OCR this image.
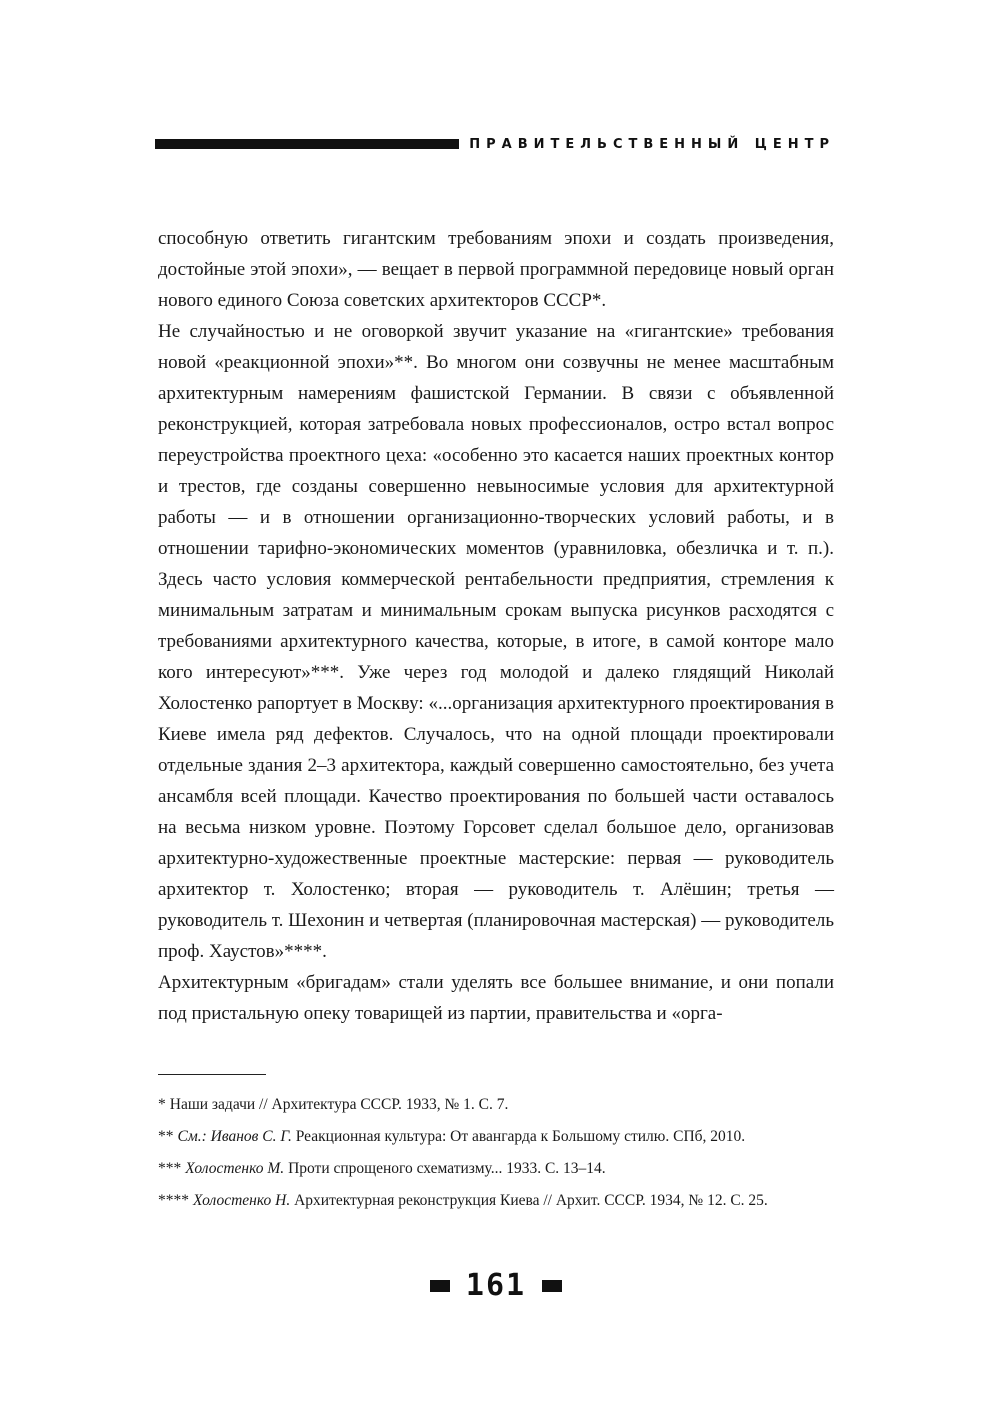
ПРАВИТЕЛЬСТВЕННЫЙ ЦЕНТР

способную ответить гигантским требованиям эпохи и создать произведения, достойные этой эпохи», — вещает в первой программной передовице новый орган нового единого Союза советских архитекторов СССР*.

Не случайностью и не оговоркой звучит указание на «гигантские» требования новой «реакционной эпохи»**. Во многом они созвучны не менее масштабным архитектурным намерениям фашистской Германии. В связи с объявленной реконструкцией, которая затребовала новых профессионалов, остро встал вопрос переустройства проектного цеха: «особенно это касается наших проектных контор и трестов, где созданы совершенно невыносимые условия для архитектурной работы — и в отношении организационно-творческих условий работы, и в отношении тарифно-экономических моментов (уравниловка, обезличка и т. п.). Здесь часто условия коммерческой рентабельности предприятия, стремления к минимальным затратам и минимальным срокам выпуска рисунков расходятся с требованиями архитектурного качества, которые, в итоге, в самой конторе мало кого интересуют»***. Уже через год молодой и далеко глядящий Николай Холостенко рапортует в Москву: «...организация архитектурного проектирования в Киеве имела ряд дефектов. Случалось, что на одной площади проектировали отдельные здания 2–3 архитектора, каждый совершенно самостоятельно, без учета ансамбля всей площади. Качество проектирования по большей части оставалось на весьма низком уровне. Поэтому Горсовет сделал большое дело, организовав архитектурно-художественные проектные мастерские: первая — руководитель архитектор т. Холостенко; вторая — руководитель т. Алёшин; третья — руководитель т. Шехонин и четвертая (планировочная мастерская) — руководитель проф. Хаустов»****.

Архитектурным «бригадам» стали уделять все большее внимание, и они попали под пристальную опеку товарищей из партии, правительства и «орга-

* Наши задачи // Архитектура СССР. 1933, № 1. С. 7.
** См.: Иванов С. Г. Реакционная культура: От авангарда к Большому стилю. СПб, 2010.
*** Холостенко М. Проти спрощеного схематизму... 1933. С. 13–14.
**** Холостенко Н. Архитектурная реконструкция Киева // Архит. СССР. 1934, № 12. С. 25.
161
